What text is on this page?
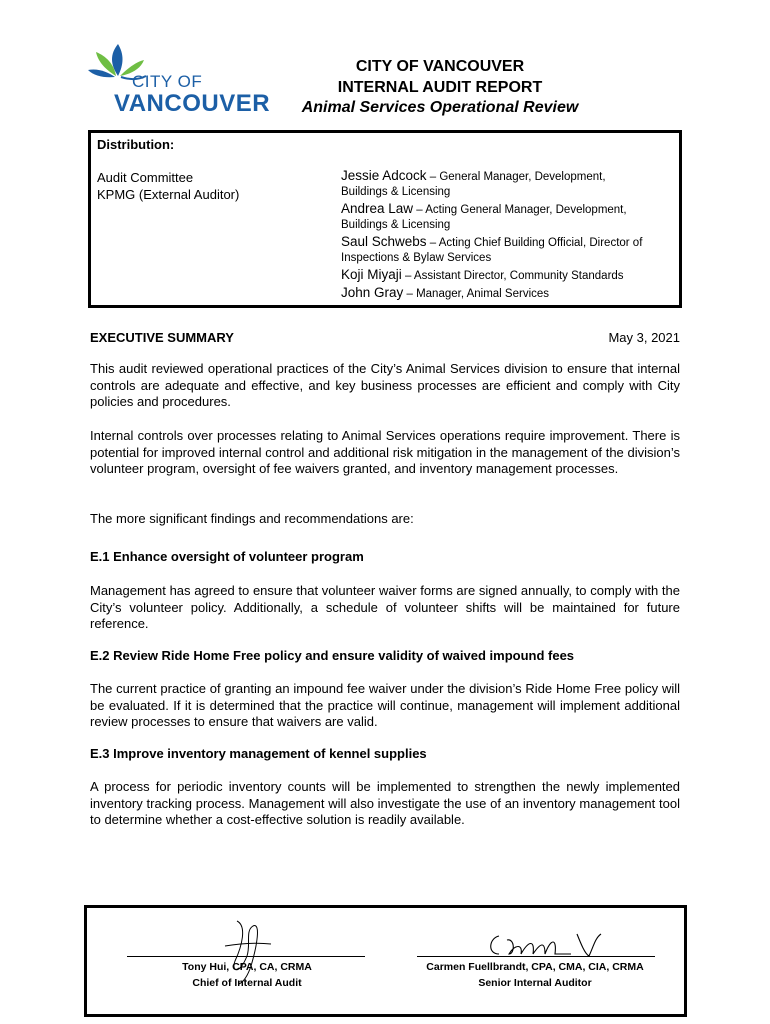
CITY OF
VANCOUVER
CITY OF VANCOUVER
INTERNAL AUDIT REPORT
Animal Services Operational Review
Distribution:
Audit Committee
KPMG (External Auditor)
Jessie Adcock – General Manager, Development,
Buildings & Licensing
Andrea Law – Acting General Manager, Development,
Buildings & Licensing
Saul Schwebs – Acting Chief Building Official, Director of
Inspections & Bylaw Services
Koji Miyaji – Assistant Director, Community Standards
John Gray – Manager, Animal Services
EXECUTIVE SUMMARY	May 3, 2021
This audit reviewed operational practices of the City’s Animal Services division to ensure that internal controls are adequate and effective, and key business processes are efficient and comply with City policies and procedures.
Internal controls over processes relating to Animal Services operations require improvement. There is potential for improved internal control and additional risk mitigation in the management of the division’s volunteer program, oversight of fee waivers granted, and inventory management processes.
The more significant findings and recommendations are:
E.1 Enhance oversight of volunteer program
Management has agreed to ensure that volunteer waiver forms are signed annually, to comply with the City’s volunteer policy. Additionally, a schedule of volunteer shifts will be maintained for future reference.
E.2 Review Ride Home Free policy and ensure validity of waived impound fees
The current practice of granting an impound fee waiver under the division’s Ride Home Free policy will be evaluated. If it is determined that the practice will continue, management will implement additional review processes to ensure that waivers are valid.
E.3 Improve inventory management of kennel supplies
A process for periodic inventory counts will be implemented to strengthen the newly implemented inventory tracking process. Management will also investigate the use of an inventory management tool to determine whether a cost-effective solution is readily available.
Tony Hui, CPA, CA, CRMA
Chief of Internal Audit
Carmen Fuellbrandt, CPA, CMA, CIA, CRMA
Senior Internal Auditor
